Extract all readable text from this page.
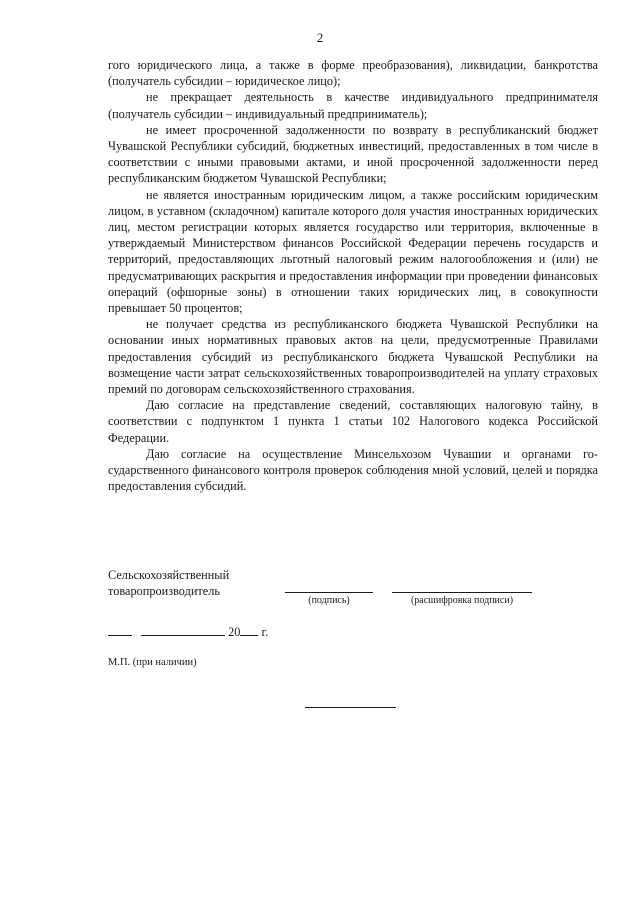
2

гого юридического лица, а также в форме преобразования), ликвидации, банкротства (получатель субсидии – юридическое лицо);

не прекращает деятельность в качестве индивидуального предпринимателя (получатель субсидии – индивидуальный предприниматель);

не имеет просроченной задолженности по возврату в республиканский бюджет Чувашской Республики субсидий, бюджетных инвестиций, предоставленных в том числе в соответствии с иными правовыми актами, и иной просроченной задолженности перед республиканским бюджетом Чувашской Республики;

не является иностранным юридическим лицом, а также российским юридическим лицом, в уставном (складочном) капитале которого доля участия иностранных юридических лиц, местом регистрации которых является государство или территория, включенные в утверждаемый Министерством финансов Российской Федерации перечень государств и территорий, предоставляющих льготный налоговый режим налогообложения и (или) не предусматривающих раскрытия и предоставления информации при проведении финансовых операций (офшорные зоны) в отношении таких юридических лиц, в совокупности превышает 50 процентов;

не получает средства из республиканского бюджета Чувашской Республики на основании иных нормативных правовых актов на цели, предусмотренные Правилами предоставления субсидий из республиканского бюджета Чувашской Республики на возмещение части затрат сельскохозяйственных товаропроизводителей на уплату страховых премий по договорам сельскохозяйственного страхования.

Даю согласие на представление сведений, составляющих налоговую тайну, в соответствии с подпунктом 1 пункта 1 статьи 102 Налогового кодекса Российской Федерации.

Даю согласие на осуществление Минсельхозом Чувашии и органами государственного финансового контроля проверок соблюдения мной условий, целей и порядка предоставления субсидий.

Сельскохозяйственный
товаропроизводитель
(подпись)	(расшифровка подписи)
20 г.
М.П. (при наличии)
